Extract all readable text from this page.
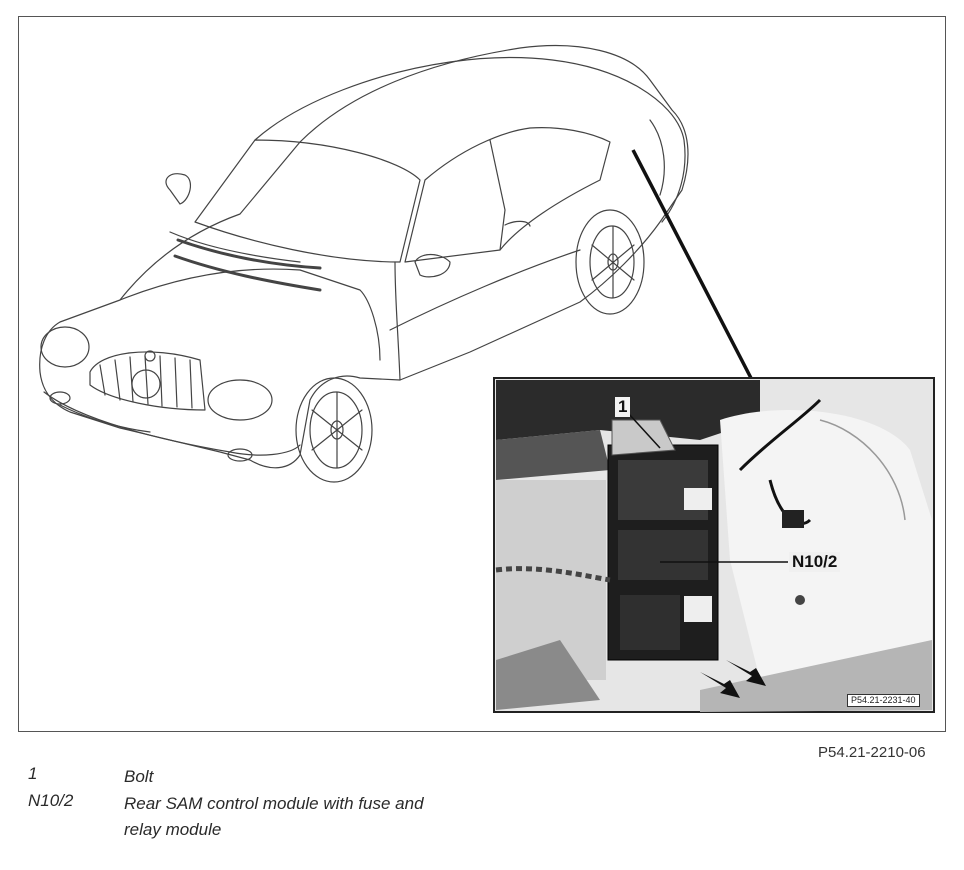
1
N10/2
P54.21-2231-40
P54.21-2210-06
1	Bolt
N10/2	Rear SAM control module with fuse and relay module
